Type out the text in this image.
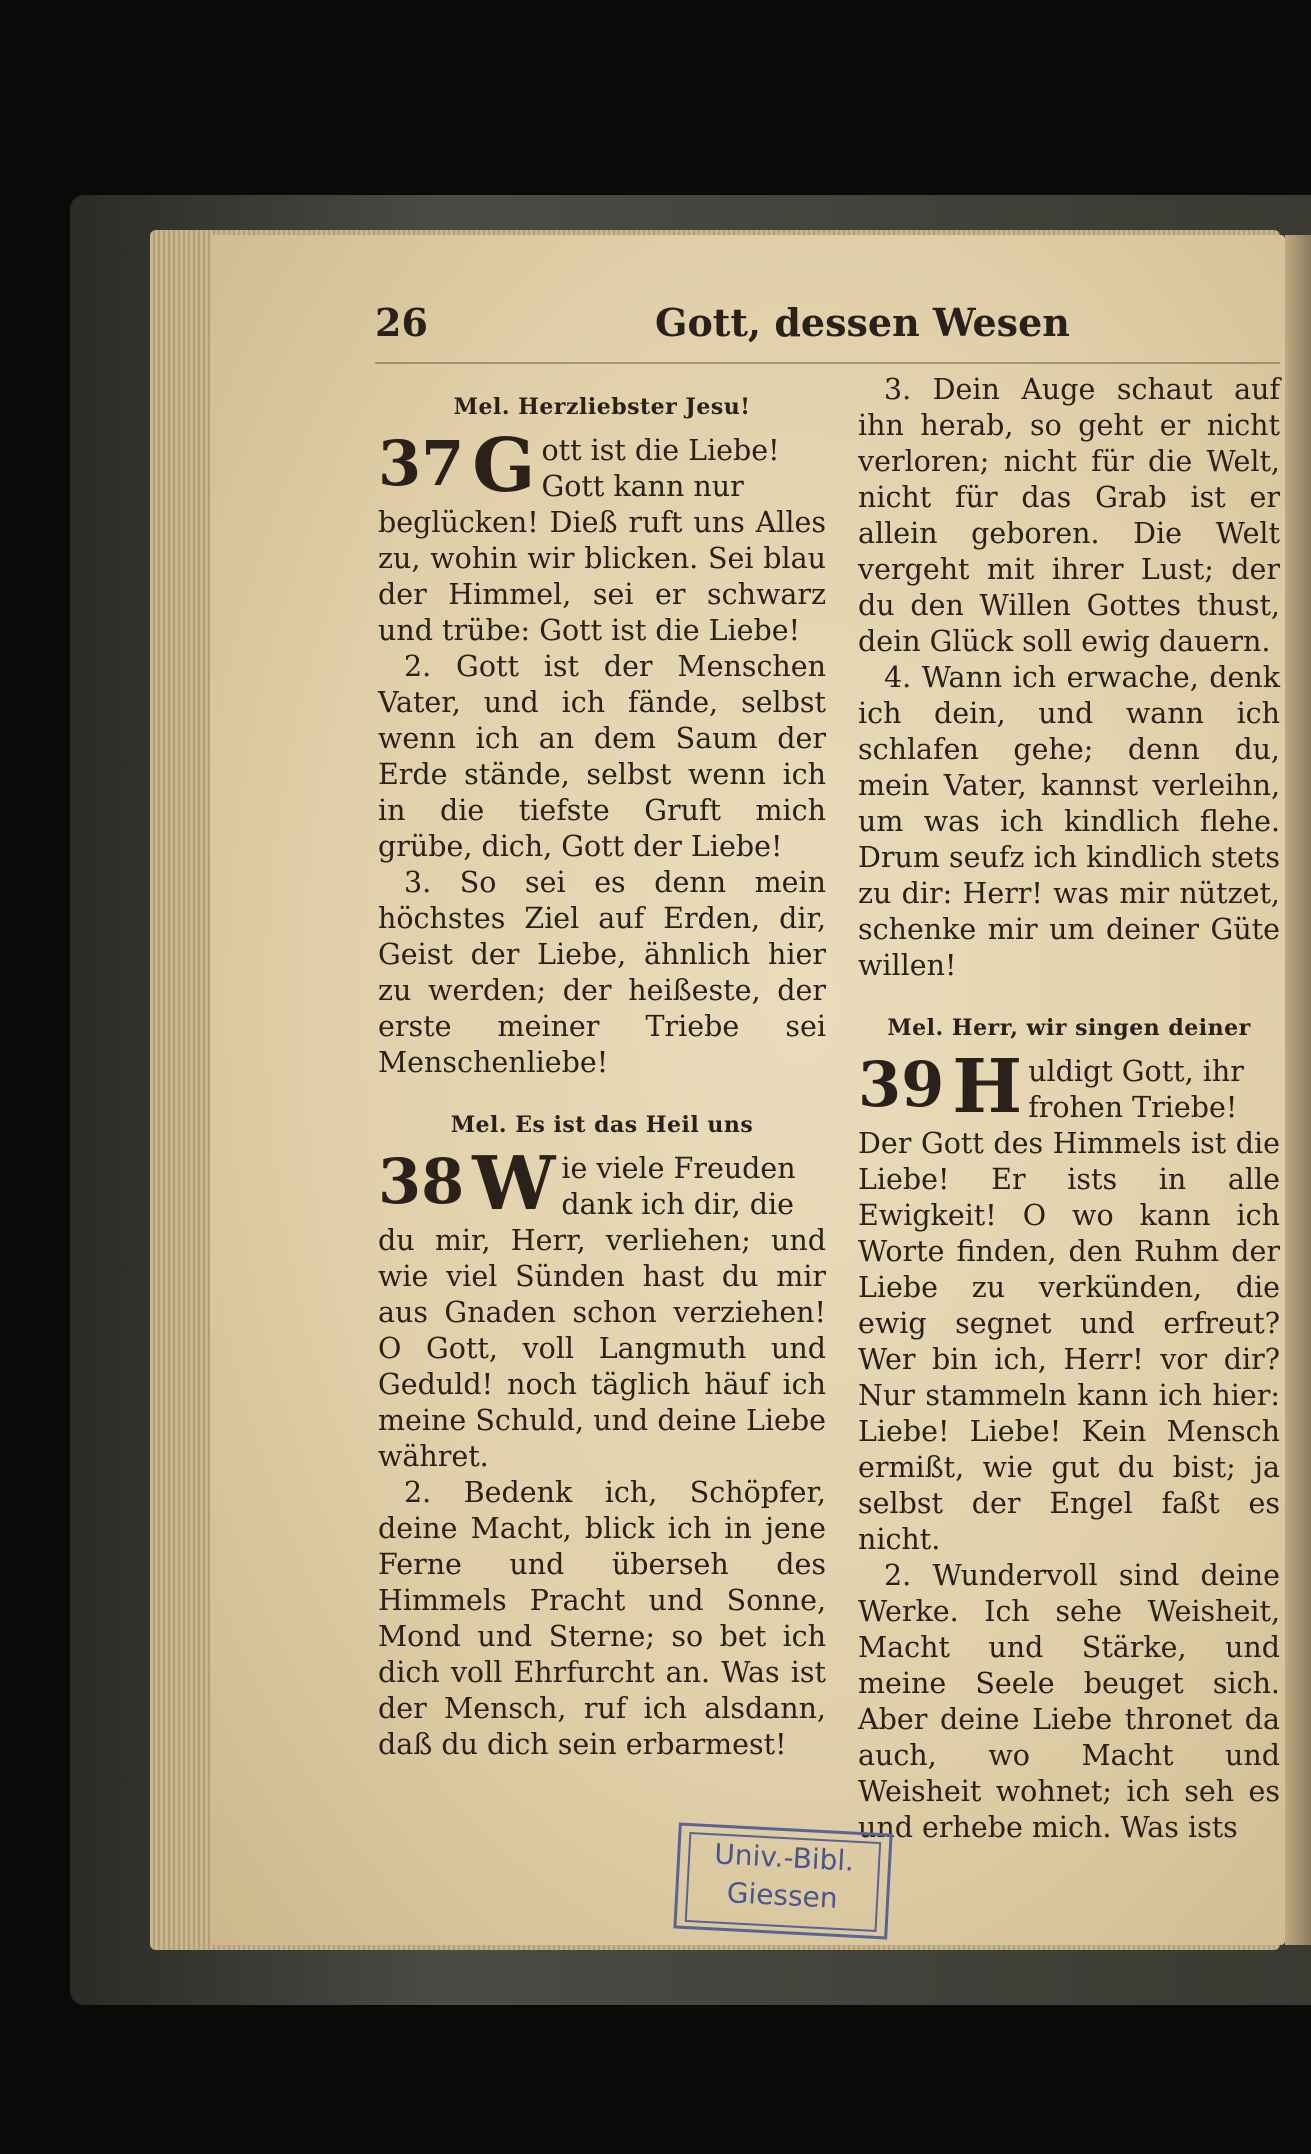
26	Gott, dessen Wesen
Mel. Herzliebster Jesu!
37 G ott ist die Liebe! Gott kann nur

beglücken! Dieß ruft uns Alles zu, wohin wir blicken. Sei blau der Himmel, sei er schwarz und trübe: Gott ist die Liebe!

2. Gott ist der Menschen Vater, und ich fände, selbst wenn ich an dem Saum der Erde stände, selbst wenn ich in die tiefste Gruft mich grübe, dich, Gott der Liebe!

3. So sei es denn mein höchstes Ziel auf Erden, dir, Geist der Liebe, ähnlich hier zu werden; der heißeste, der erste meiner Triebe sei Menschenliebe!

Mel. Es ist das Heil uns
38 W ie viele Freuden dank ich dir, die

du mir, Herr, verliehen; und wie viel Sünden hast du mir aus Gnaden schon verziehen! O Gott, voll Langmuth und Geduld! noch täglich häuf ich meine Schuld, und deine Liebe währet.

2. Bedenk ich, Schöpfer, deine Macht, blick ich in jene Ferne und überseh des Himmels Pracht und Sonne, Mond und Sterne; so bet ich dich voll Ehrfurcht an. Was ist der Mensch, ruf ich alsdann, daß du dich sein erbarmest!

3. Dein Auge schaut auf ihn herab, so geht er nicht verloren; nicht für die Welt, nicht für das Grab ist er allein geboren. Die Welt vergeht mit ihrer Lust; der du den Willen Gottes thust, dein Glück soll ewig dauern.

4. Wann ich erwache, denk ich dein, und wann ich schlafen gehe; denn du, mein Vater, kannst verleihn, um was ich kindlich flehe. Drum seufz ich kindlich stets zu dir: Herr! was mir nützet, schenke mir um deiner Güte willen!

Mel. Herr, wir singen deiner
39 H uldigt Gott, ihr frohen Triebe!

Der Gott des Himmels ist die Liebe! Er ists in alle Ewigkeit! O wo kann ich Worte finden, den Ruhm der Liebe zu verkünden, die ewig segnet und erfreut? Wer bin ich, Herr! vor dir? Nur stammeln kann ich hier: Liebe! Liebe! Kein Mensch ermißt, wie gut du bist; ja selbst der Engel faßt es nicht.

2. Wundervoll sind deine Werke. Ich sehe Weisheit, Macht und Stärke, und meine Seele beuget sich. Aber deine Liebe thronet da auch, wo Macht und Weisheit wohnet; ich seh es und erhebe mich. Was ists

Univ.-Bibl.
Giessen
